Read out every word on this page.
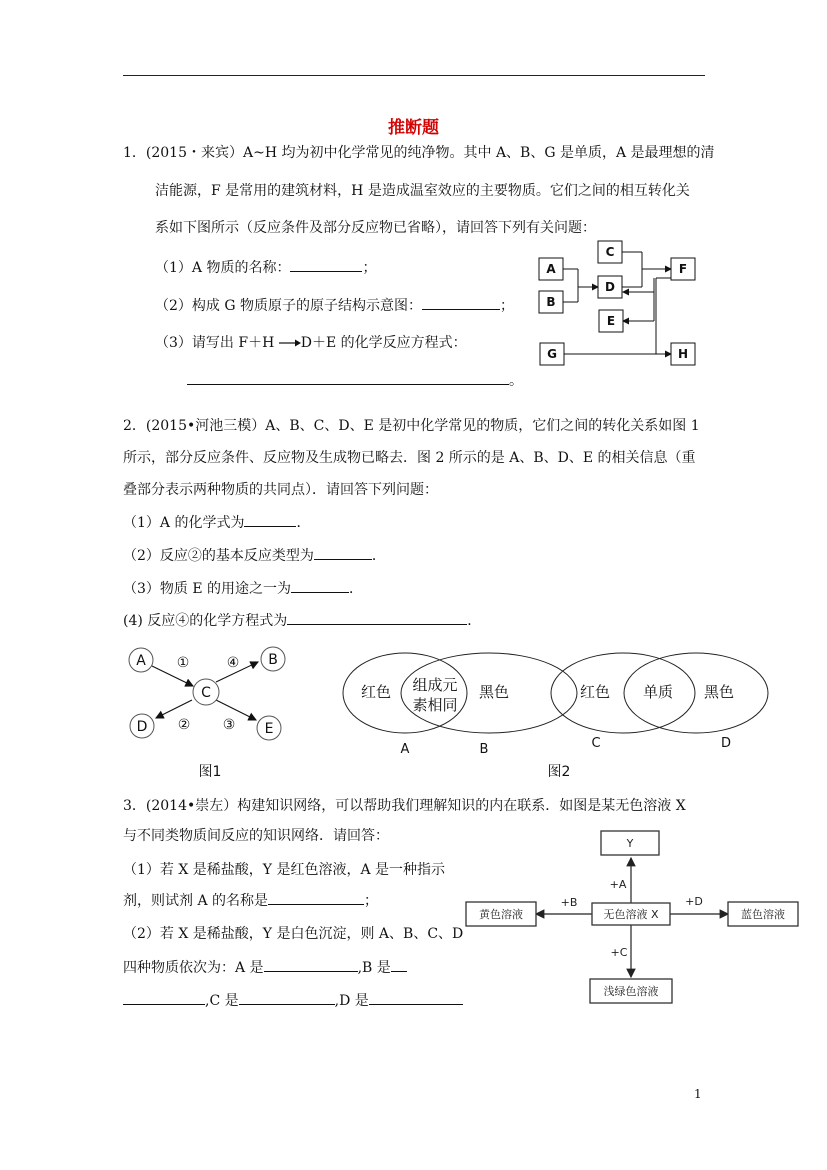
推断题
1．(2015・来宾）A~H 均为初中化学常见的纯净物。其中 A、B、G 是单质，A 是最理想的清
洁能源，F 是常用的建筑材料，H 是造成温室效应的主要物质。它们之间的相互转化关
系如下图所示（反应条件及部分反应物已省略），请回答下列有关问题：
（1）A 物质的名称：	；
（2）构成 G 物质原子的原子结构示意图：	；
（3）请写出 F＋H →D＋E 的化学反应方程式：
。
A
B
C
D
E
F
G	H
2．(2015•河池三模）A、B、C、D、E 是初中化学常见的物质，它们之间的转化关系如图 1
所示，部分反应条件、反应物及生成物已略去．图 2 所示的是 A、B、D、E 的相关信息（重
叠部分表示两种物质的共同点）．请回答下列问题：
（1）A 的化学式为	．
（2）反应②的基本反应类型为	．
（3）物质 E 的用途之一为	．
(4) 反应④的化学方程式为	．
A	B
C
D	E
①	④
② ③
图1
红色 组成元
素相同
黑色	红色 单质 黑色
A	B	C	D
图2
3．(2014•崇左）构建知识网络，可以帮助我们理解知识的内在联系．如图是某无色溶液 X
与不同类物质间反应的知识网络．请回答：
（1）若 X 是稀盐酸，Y 是红色溶液，A 是一种指示
剂，则试剂 A 的名称是	；
（2）若 X 是稀盐酸，Y 是白色沉淀，则 A、B、C、D
四种物质依次为：A 是	,B 是
,C 是	,D 是
Y
黄色溶液	无色溶液 X	蓝色溶液
浅绿色溶液
+A
+B	+D
+C
1
